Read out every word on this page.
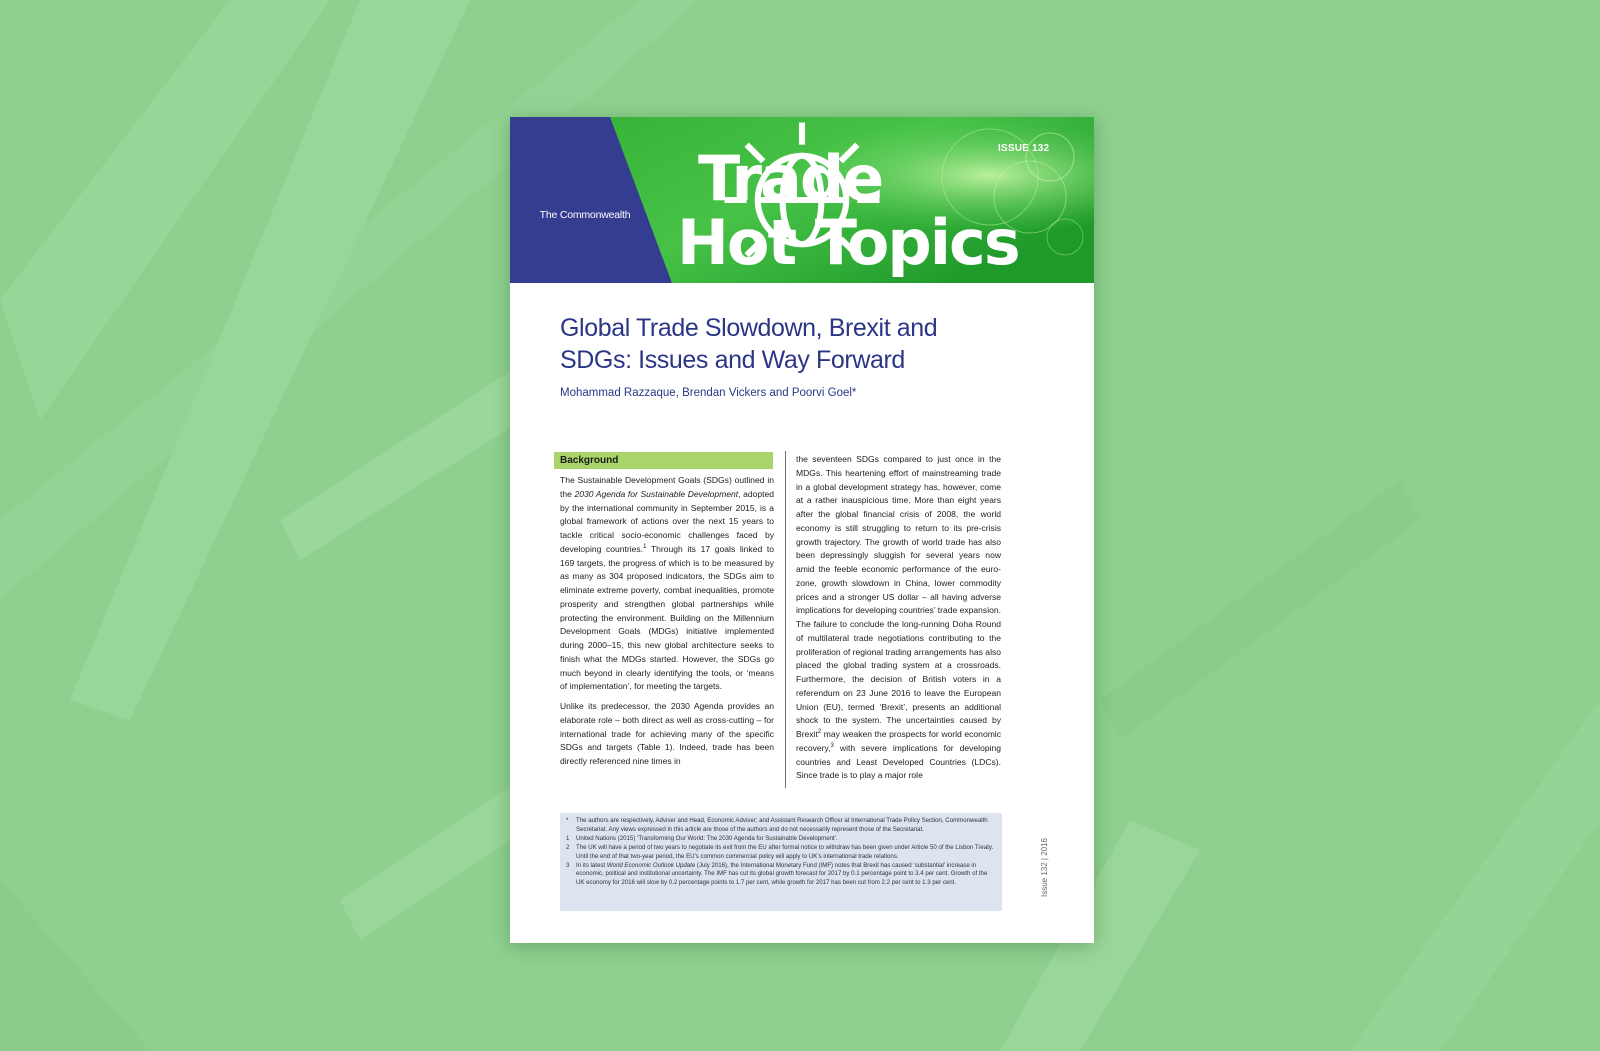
The Commonwealth
ISSUE 132
Trade
Hot Topics
Global Trade Slowdown, Brexit and
SDGs: Issues and Way Forward
Mohammad Razzaque, Brendan Vickers and Poorvi Goel*
Background

The Sustainable Development Goals (SDGs) outlined in the 2030 Agenda for Sustainable Development, adopted by the international community in September 2015, is a global framework of actions over the next 15 years to tackle critical socio-economic challenges faced by developing countries.$^1$ Through its 17 goals linked to 169 targets, the progress of which is to be measured by as many as 304 proposed indicators, the SDGs aim to eliminate extreme poverty, combat inequalities, promote prosperity and strengthen global partnerships while protecting the environment. Building on the Millennium Development Goals (MDGs) initiative implemented during 2000–15, this new global architecture seeks to finish what the MDGs started. However, the SDGs go much beyond in clearly identifying the tools, or ‘means of implementation’, for meeting the targets.

Unlike its predecessor, the 2030 Agenda provides an elaborate role – both direct as well as cross-cutting – for international trade for achieving many of the specific SDGs and targets (Table 1). Indeed, trade has been directly referenced nine times in

the seventeen SDGs compared to just once in the MDGs. This heartening effort of mainstreaming trade in a global development strategy has, however, come at a rather inauspicious time. More than eight years after the global financial crisis of 2008, the world economy is still struggling to return to its pre-crisis growth trajectory. The growth of world trade has also been depressingly sluggish for several years now amid the feeble economic performance of the euro-zone, growth slowdown in China, lower commodity prices and a stronger US dollar – all having adverse implications for developing countries’ trade expansion. The failure to conclude the long-running Doha Round of multilateral trade negotiations contributing to the proliferation of regional trading arrangements has also placed the global trading system at a crossroads. Furthermore, the decision of British voters in a referendum on 23 June 2016 to leave the European Union (EU), termed ‘Brexit’, presents an additional shock to the system. The uncertainties caused by Brexit$^2$ may weaken the prospects for world economic recovery,$^3$ with severe implications for developing countries and Least Developed Countries (LDCs). Since trade is to play a major role

*	The authors are respectively, Adviser and Head, Economic Adviser; and Assistant Research Officer at International Trade Policy Section, Commonwealth Secretariat. Any views expressed in this article are those of the authors and do not necessarily represent those of the Secretariat.
1	United Nations (2015) ‘Transforming Our World: The 2030 Agenda for Sustainable Development’.
2	The UK will have a period of two years to negotiate its exit from the EU after formal notice to withdraw has been given under Article 50 of the Lisbon Treaty. Until the end of that two-year period, the EU’s common commercial policy will apply to UK’s international trade relations.
3	In its latest World Economic Outlook Update (July 2016), the International Monetary Fund (IMF) notes that Brexit has caused ‘substantial’ increase in economic, political and institutional uncertainty. The IMF has cut its global growth forecast for 2017 by 0.1 percentage point to 3.4 per cent. Growth of the UK economy for 2016 will slow by 0.2 percentage points to 1.7 per cent, while growth for 2017 has been cut from 2.2 per cent to 1.3 per cent.	Issue 132 | 2016
